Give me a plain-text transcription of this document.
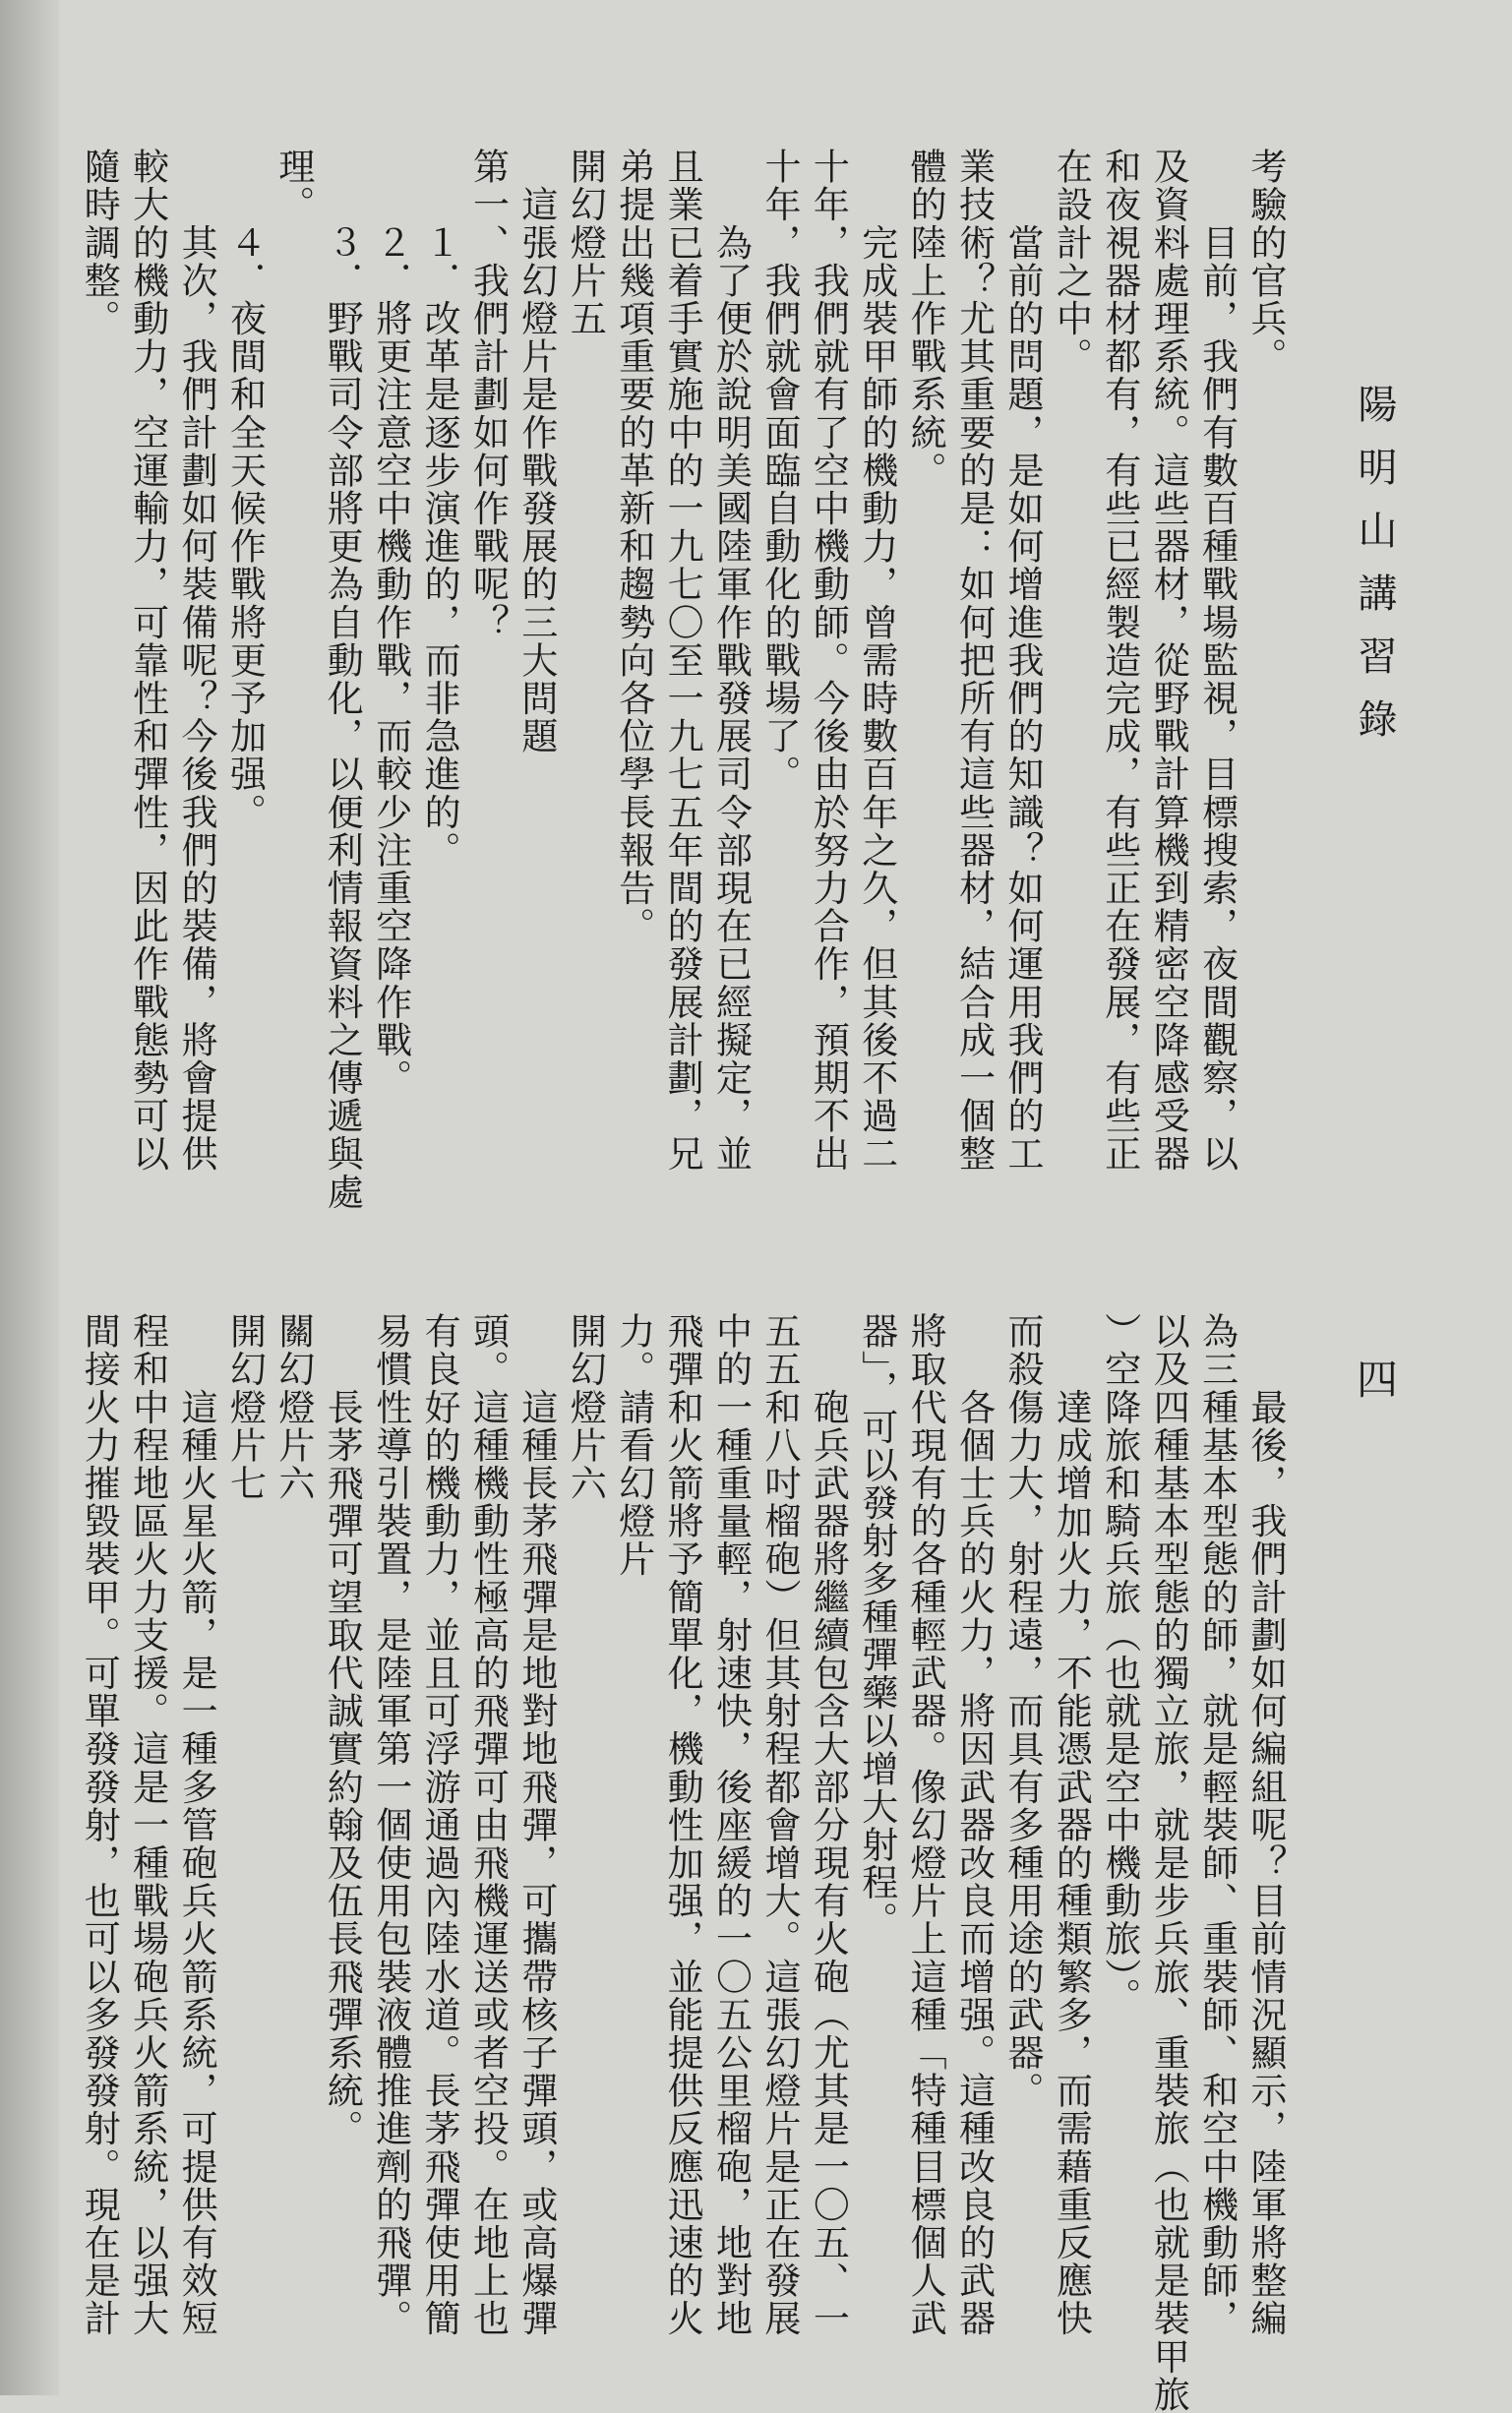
陽明山講習錄
四
考驗的官兵。
　　目前，我們有數百種戰場監視，目標搜索，夜間觀察，以
及資料處理系統。這些器材，從野戰計算機到精密空降感受器
和夜視器材都有，有些已經製造完成，有些正在發展，有些正
在設計之中。
　　當前的問題，是如何增進我們的知識？如何運用我們的工
業技術？尤其重要的是：如何把所有這些器材，結合成一個整
體的陸上作戰系統。
　　完成裝甲師的機動力，曾需時數百年之久，但其後不過二
十年，我們就有了空中機動師。今後由於努力合作，預期不出
十年，我們就會面臨自動化的戰場了。
　　為了便於說明美國陸軍作戰發展司令部現在已經擬定，並
且業已着手實施中的一九七〇至一九七五年間的發展計劃，兄
弟提出幾項重要的革新和趨勢向各位學長報告。
開幻燈片五
　這張幻燈片是作戰發展的三大問題
第一、我們計劃如何作戰呢？
　　１．改革是逐步演進的，而非急進的。
　　２．將更注意空中機動作戰，而較少注重空降作戰。
　　３．野戰司令部將更為自動化，以便利情報資料之傳遞與處
理。
　　４．夜間和全天候作戰將更予加强。
　　其次，我們計劃如何裝備呢？今後我們的裝備，將會提供
較大的機動力，空運輸力，可靠性和彈性，因此作戰態勢可以
隨時調整。
　　最後，我們計劃如何編組呢？目前情況顯示，陸軍將整編
為三種基本型態的師，就是輕裝師、重裝師、和空中機動師，
以及四種基本型態的獨立旅，就是步兵旅、重裝旅（也就是裝甲旅
）空降旅和騎兵旅（也就是空中機動旅）。
　　達成增加火力，不能憑武器的種類繁多，而需藉重反應快
而殺傷力大，射程遠，而具有多種用途的武器。
　　各個士兵的火力，將因武器改良而增强。這種改良的武器
將取代現有的各種輕武器。像幻燈片上這種「特種目標個人武
器」，可以發射多種彈藥以增大射程。
　　砲兵武器將繼續包含大部分現有火砲（尤其是一〇五、一
五五和八吋榴砲）但其射程都會增大。這張幻燈片是正在發展
中的一種重量輕，射速快，後座緩的一〇五公里榴砲，地對地
飛彈和火箭將予簡單化，機動性加强，並能提供反應迅速的火
力。請看幻燈片
開幻燈片六
　　這種長茅飛彈是地對地飛彈，可攜帶核子彈頭，或高爆彈
頭。這種機動性極高的飛彈可由飛機運送或者空投。在地上也
有良好的機動力，並且可浮游通過內陸水道。長茅飛彈使用簡
易慣性導引裝置，是陸軍第一個使用包裝液體推進劑的飛彈。
　　長茅飛彈可望取代誠實約翰及伍長飛彈系統。
關幻燈片六
開幻燈片七
　　這種火星火箭，是一種多管砲兵火箭系統，可提供有效短
程和中程地區火力支援。這是一種戰場砲兵火箭系統，以强大
間接火力摧毀裝甲。可單發發射，也可以多發發射。現在是計
